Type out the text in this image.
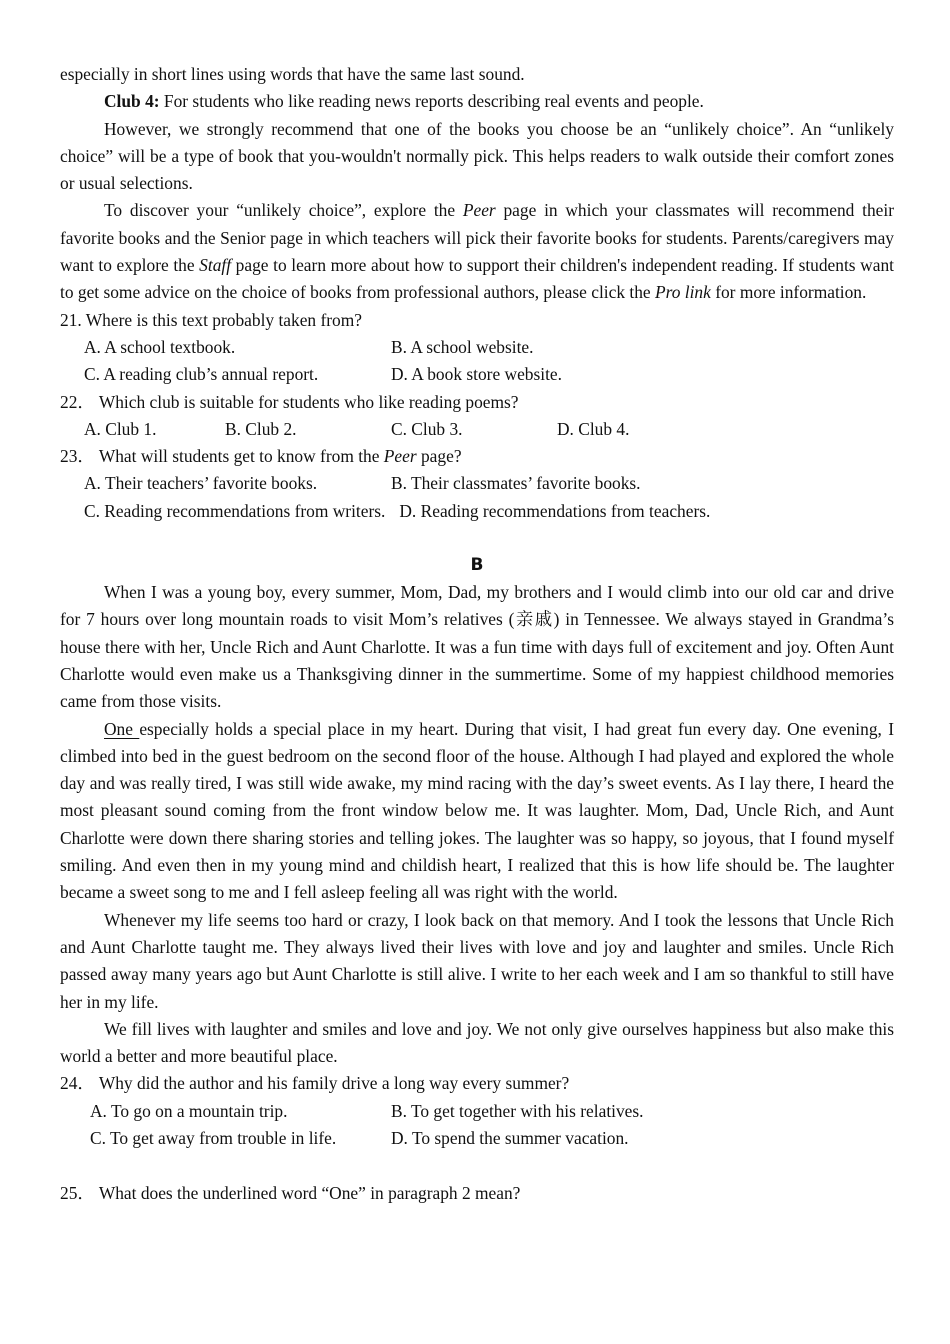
especially in short lines using words that have the same last sound.

Club 4: For students who like reading news reports describing real events and people.

However, we strongly recommend that one of the books you choose be an “unlikely choice”. An “unlikely choice” will be a type of book that you-wouldn't normally pick. This helps readers to walk outside their comfort zones or usual selections.

To discover your “unlikely choice”, explore the Peer page in which your classmates will recommend their favorite books and the Senior page in which teachers will pick their favorite books for students. Parents/caregivers may want to explore the Staff page to learn more about how to support their children's independent reading. If students want to get some advice on the choice of books from professional authors, please click the Pro link for more information.

21. Where is this text probably taken from?

A. A school textbook.	B. A school website.
C. A reading club’s annual report.	D. A book store website.

22． Which club is suitable for students who like reading poems?

A. Club 1.	B. Club 2.	C. Club 3.	D. Club 4.

23． What will students get to know from the Peer page?

A. Their teachers’ favorite books.	B. Their classmates’ favorite books.
C. Reading recommendations from writers. D. Reading recommendations from teachers.
B

When I was a young boy, every summer, Mom, Dad, my brothers and I would climb into our old car and drive for 7 hours over long mountain roads to visit Mom’s relatives (亲戚) in Tennessee. We always stayed in Grandma’s house there with her, Uncle Rich and Aunt Charlotte. It was a fun time with days full of excitement and joy. Often Aunt Charlotte would even make us a Thanksgiving dinner in the summertime. Some of my happiest childhood memories came from those visits.

One especially holds a special place in my heart. During that visit, I had great fun every day. One evening, I climbed into bed in the guest bedroom on the second floor of the house. Although I had played and explored the whole day and was really tired, I was still wide awake, my mind racing with the day’s sweet events. As I lay there, I heard the most pleasant sound coming from the front window below me. It was laughter. Mom, Dad, Uncle Rich, and Aunt Charlotte were down there sharing stories and telling jokes. The laughter was so happy, so joyous, that I found myself smiling. And even then in my young mind and childish heart, I realized that this is how life should be. The laughter became a sweet song to me and I fell asleep feeling all was right with the world.

Whenever my life seems too hard or crazy, I look back on that memory. And I took the lessons that Uncle Rich and Aunt Charlotte taught me. They always lived their lives with love and joy and laughter and smiles. Uncle Rich passed away many years ago but Aunt Charlotte is still alive. I write to her each week and I am so thankful to still have her in my life.

We fill lives with laughter and smiles and love and joy. We not only give ourselves happiness but also make this world a better and more beautiful place.

24． Why did the author and his family drive a long way every summer?

A. To go on a mountain trip.	B. To get together with his relatives.
C. To get away from trouble in life.	D. To spend the summer vacation.

25． What does the underlined word “One” in paragraph 2 mean?
